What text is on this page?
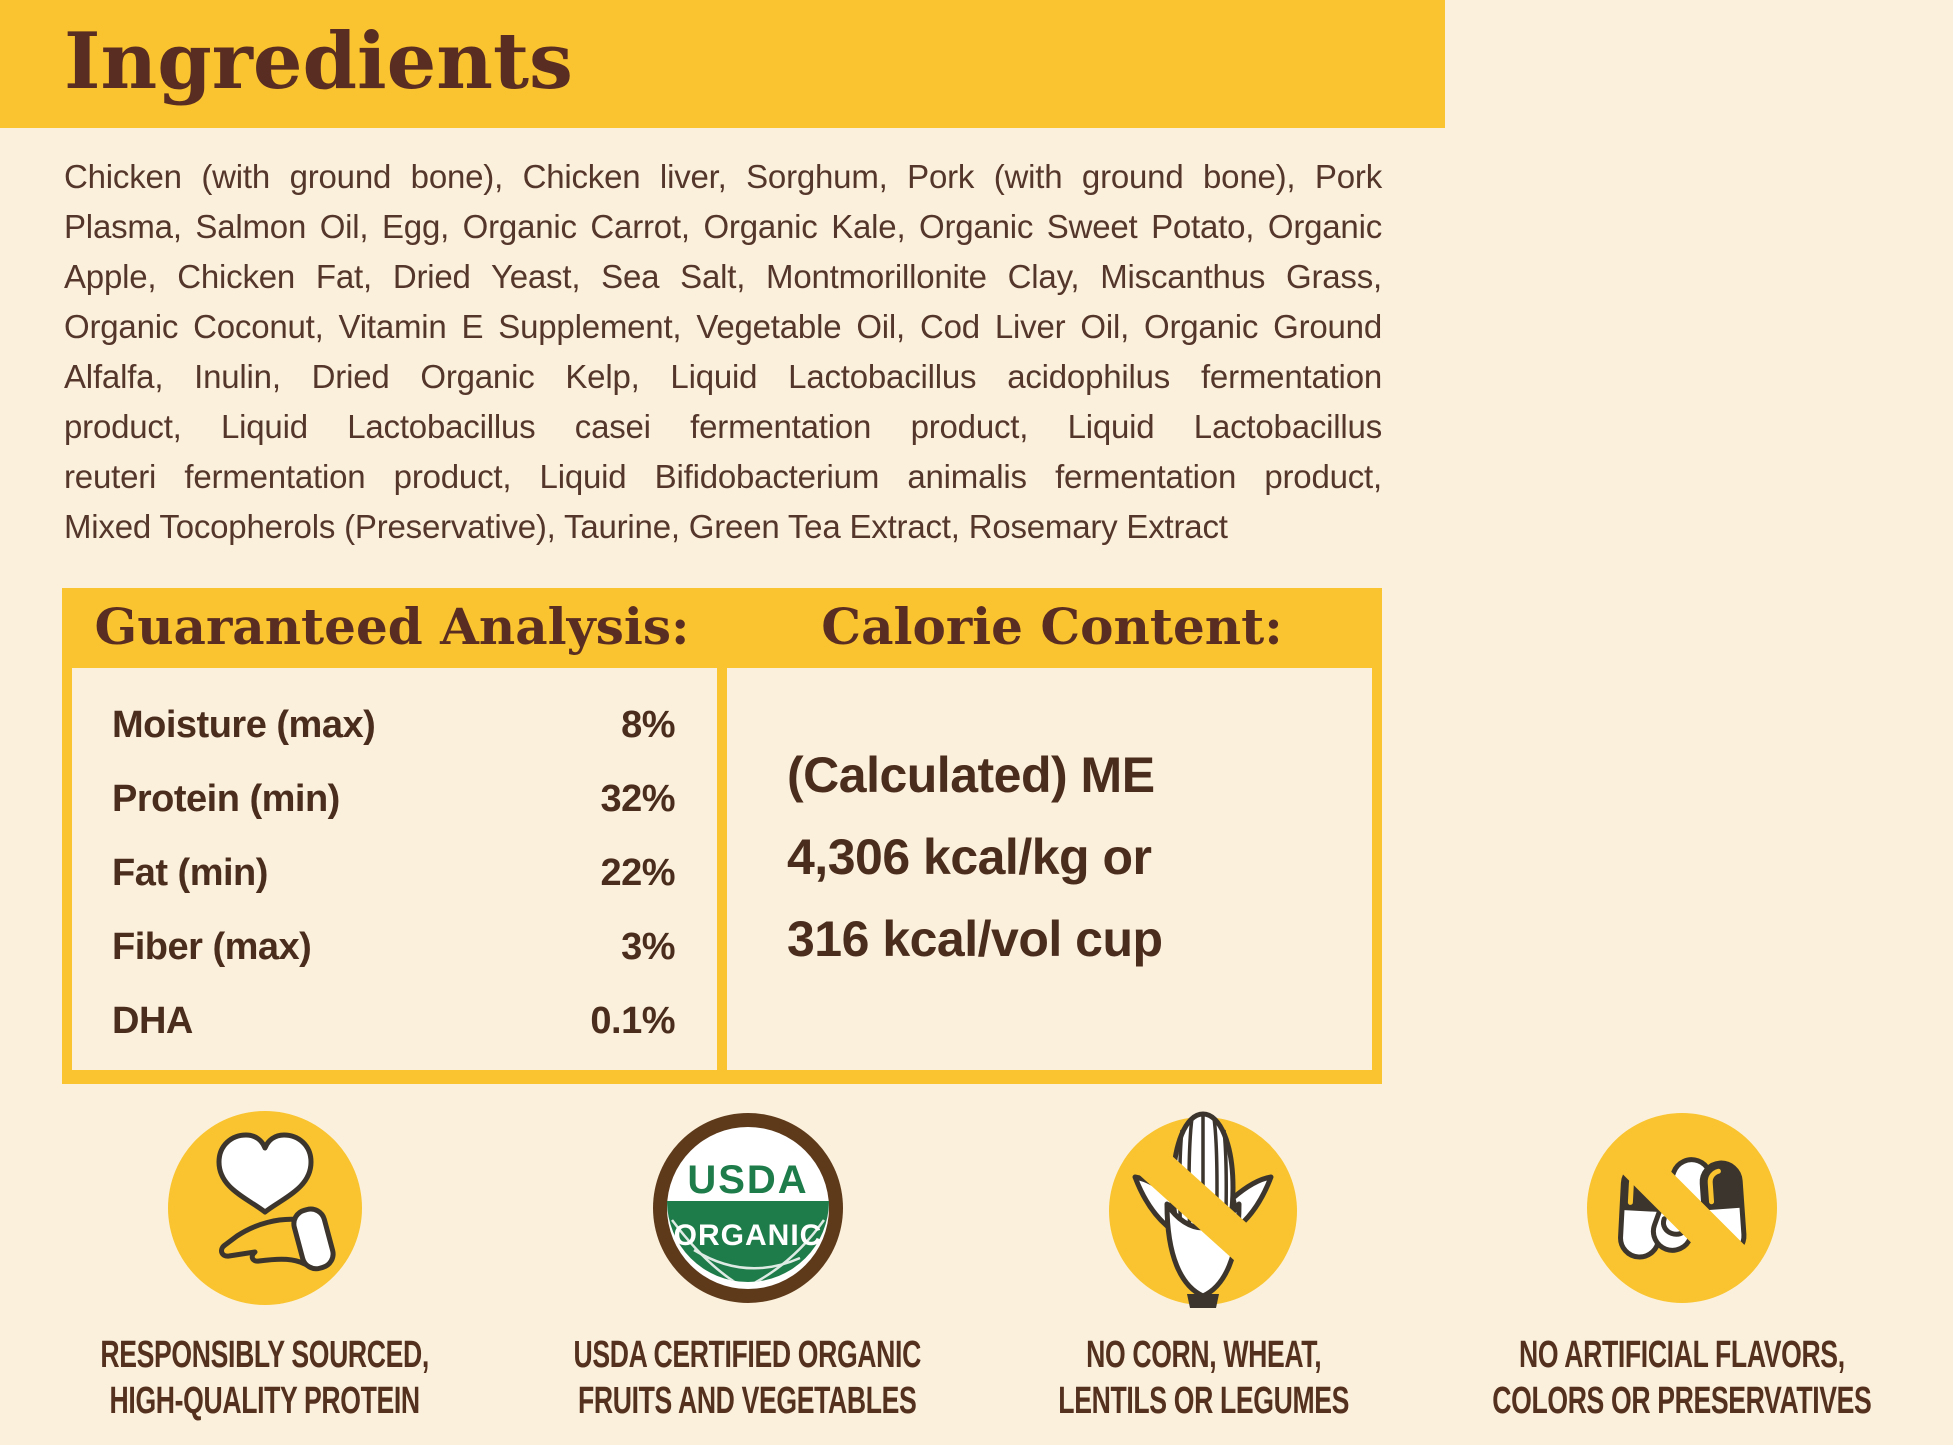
Ingredients
Chicken (with ground bone), Chicken liver, Sorghum, Pork (with ground bone), Pork
Plasma, Salmon Oil, Egg, Organic Carrot, Organic Kale, Organic Sweet Potato, Organic
Apple, Chicken Fat, Dried Yeast, Sea Salt, Montmorillonite Clay, Miscanthus Grass,
Organic Coconut, Vitamin E Supplement, Vegetable Oil, Cod Liver Oil, Organic Ground
Alfalfa, Inulin, Dried Organic Kelp, Liquid Lactobacillus acidophilus fermentation
product, Liquid Lactobacillus casei fermentation product, Liquid Lactobacillus
reuteri fermentation product, Liquid Bifidobacterium animalis fermentation product,
Mixed Tocopherols (Preservative), Taurine, Green Tea Extract, Rosemary Extract
Guaranteed Analysis:	Calorie Content:
Moisture (max)	8%
Protein (min)	32%
Fat (min)	22%
Fiber (max)	3%
DHA	0.1%
(Calculated) ME
4,306 kcal/kg or
316 kcal/vol cup
RESPONSIBLY SOURCED,
HIGH-QUALITY PROTEIN
USDA
ORGANIC
USDA CERTIFIED ORGANIC
FRUITS AND VEGETABLES
NO CORN, WHEAT,
LENTILS OR LEGUMES
NO ARTIFICIAL FLAVORS,
COLORS OR PRESERVATIVES
